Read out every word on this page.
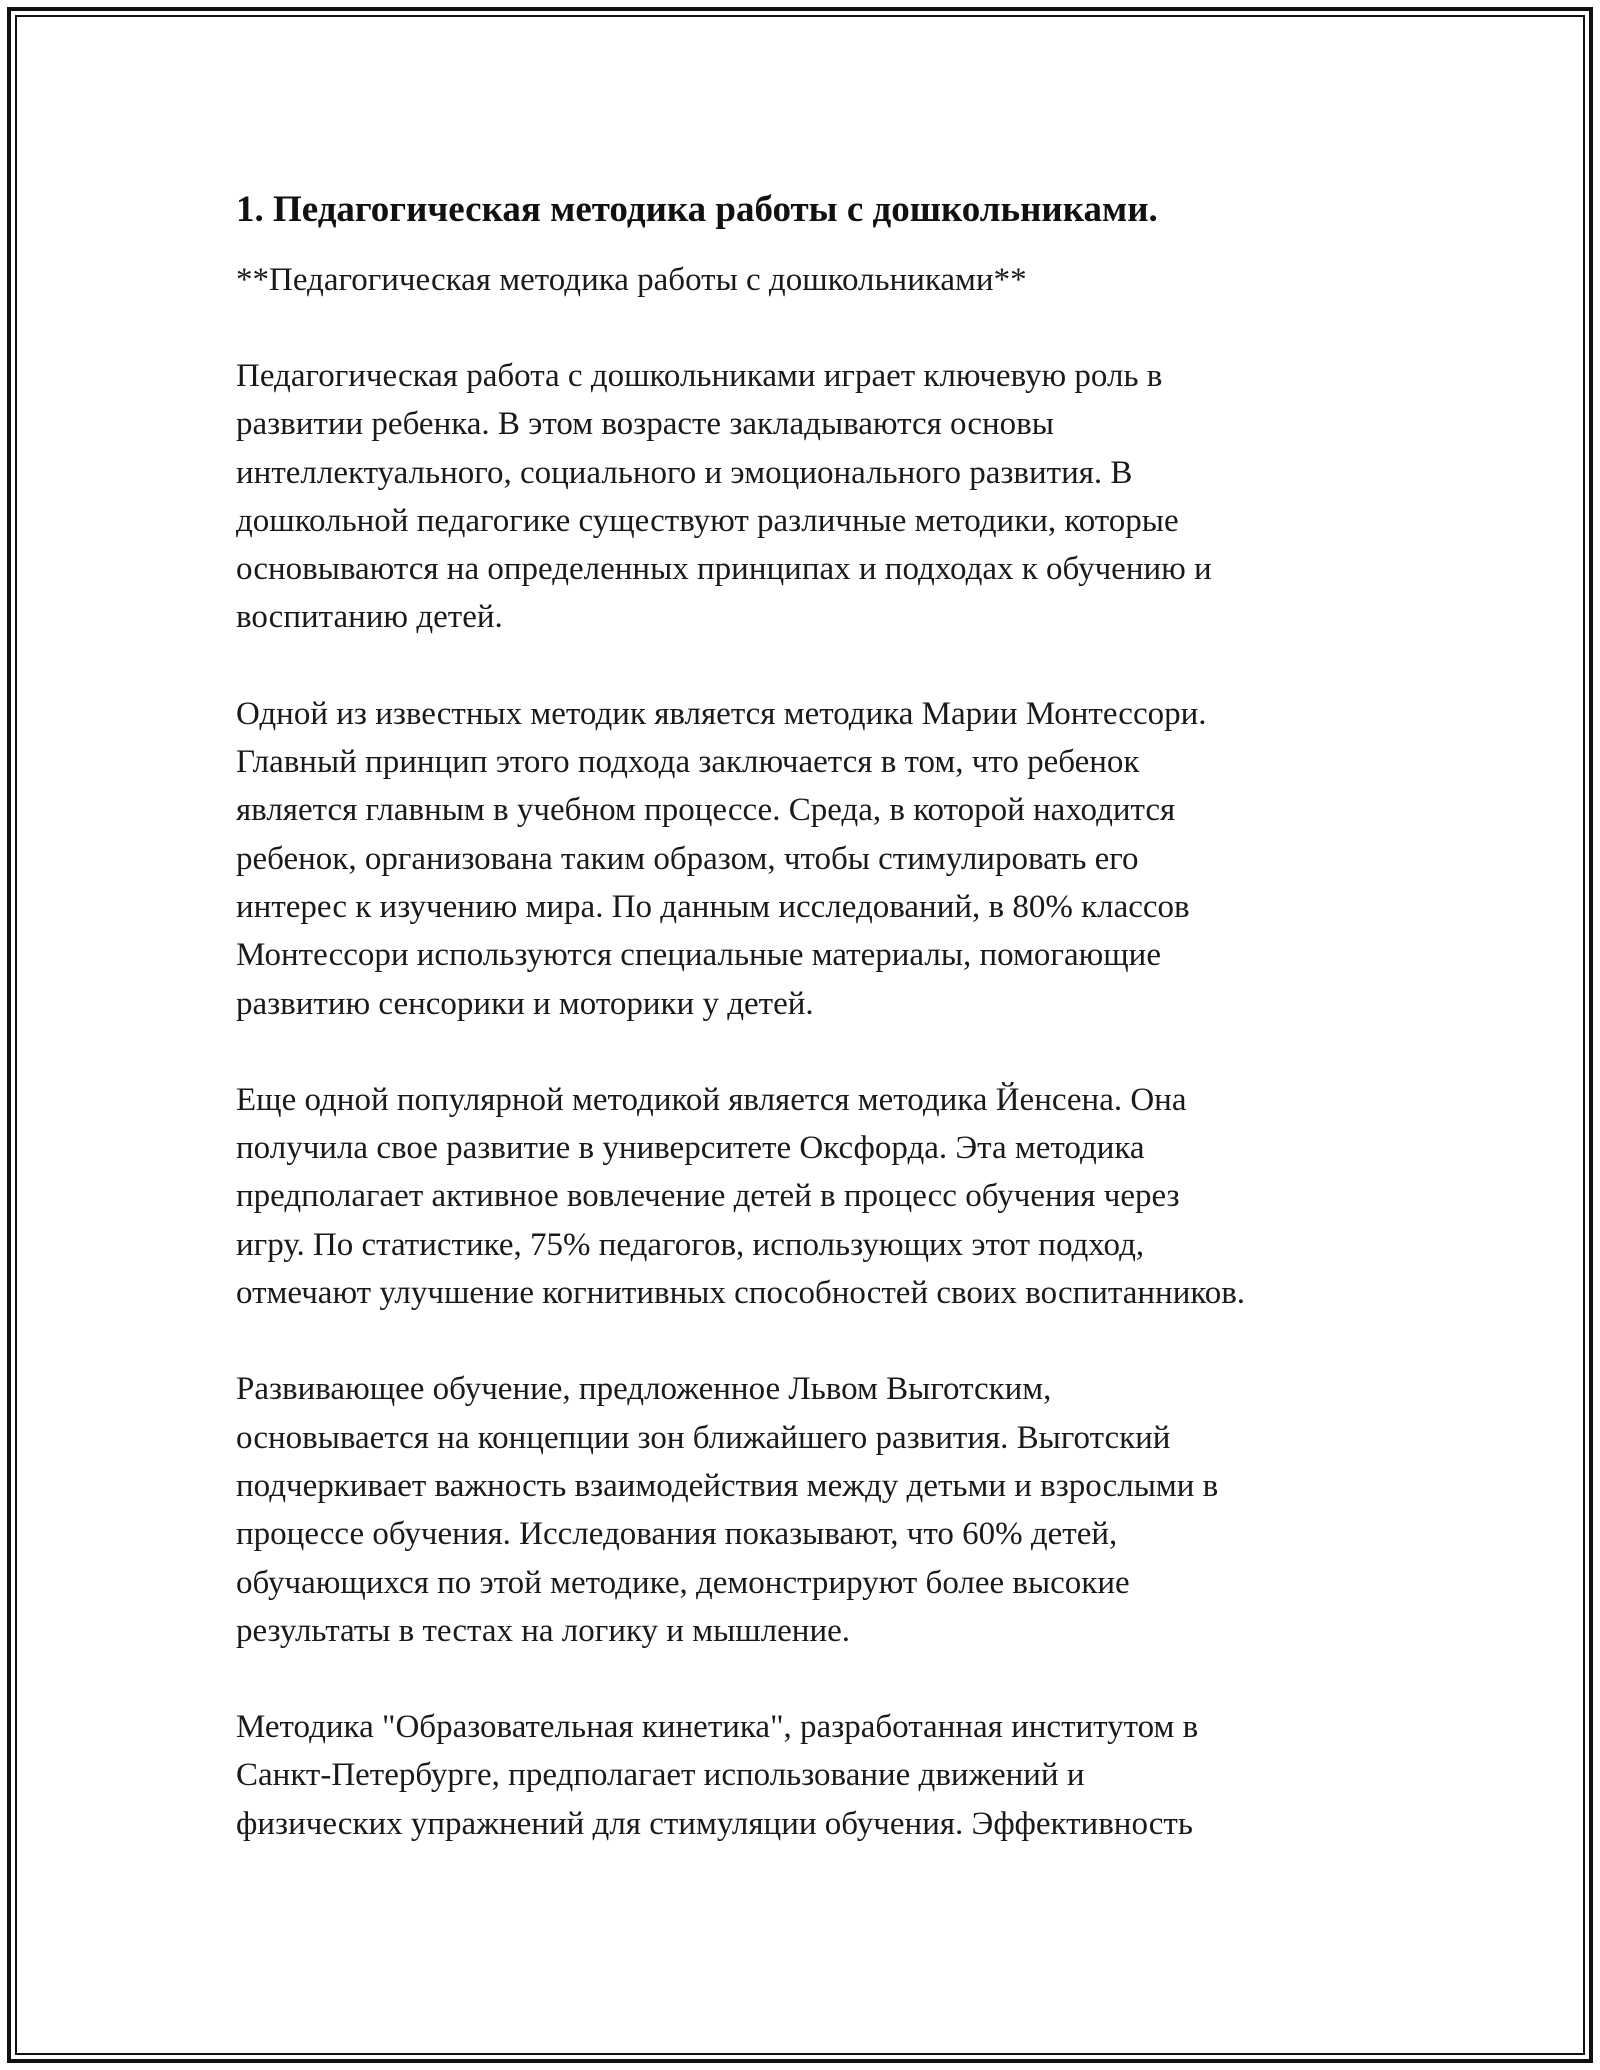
1. Педагогическая методика работы с дошкольниками.
**Педагогическая методика работы с дошкольниками**
Педагогическая работа с дошкольниками играет ключевую роль в
развитии ребенка. В этом возрасте закладываются основы
интеллектуального, социального и эмоционального развития. В
дошкольной педагогике существуют различные методики, которые
основываются на определенных принципах и подходах к обучению и
воспитанию детей.
Одной из известных методик является методика Марии Монтессори.
Главный принцип этого подхода заключается в том, что ребенок
является главным в учебном процессе. Среда, в которой находится
ребенок, организована таким образом, чтобы стимулировать его
интерес к изучению мира. По данным исследований, в 80% классов
Монтессори используются специальные материалы, помогающие
развитию сенсорики и моторики у детей.
Еще одной популярной методикой является методика Йенсена. Она
получила свое развитие в университете Оксфорда. Эта методика
предполагает активное вовлечение детей в процесс обучения через
игру. По статистике, 75% педагогов, использующих этот подход,
отмечают улучшение когнитивных способностей своих воспитанников.
Развивающее обучение, предложенное Львом Выготским,
основывается на концепции зон ближайшего развития. Выготский
подчеркивает важность взаимодействия между детьми и взрослыми в
процессе обучения. Исследования показывают, что 60% детей,
обучающихся по этой методике, демонстрируют более высокие
результаты в тестах на логику и мышление.
Методика "Образовательная кинетика", разработанная институтом в
Санкт-Петербурге, предполагает использование движений и
физических упражнений для стимуляции обучения. Эффективность
